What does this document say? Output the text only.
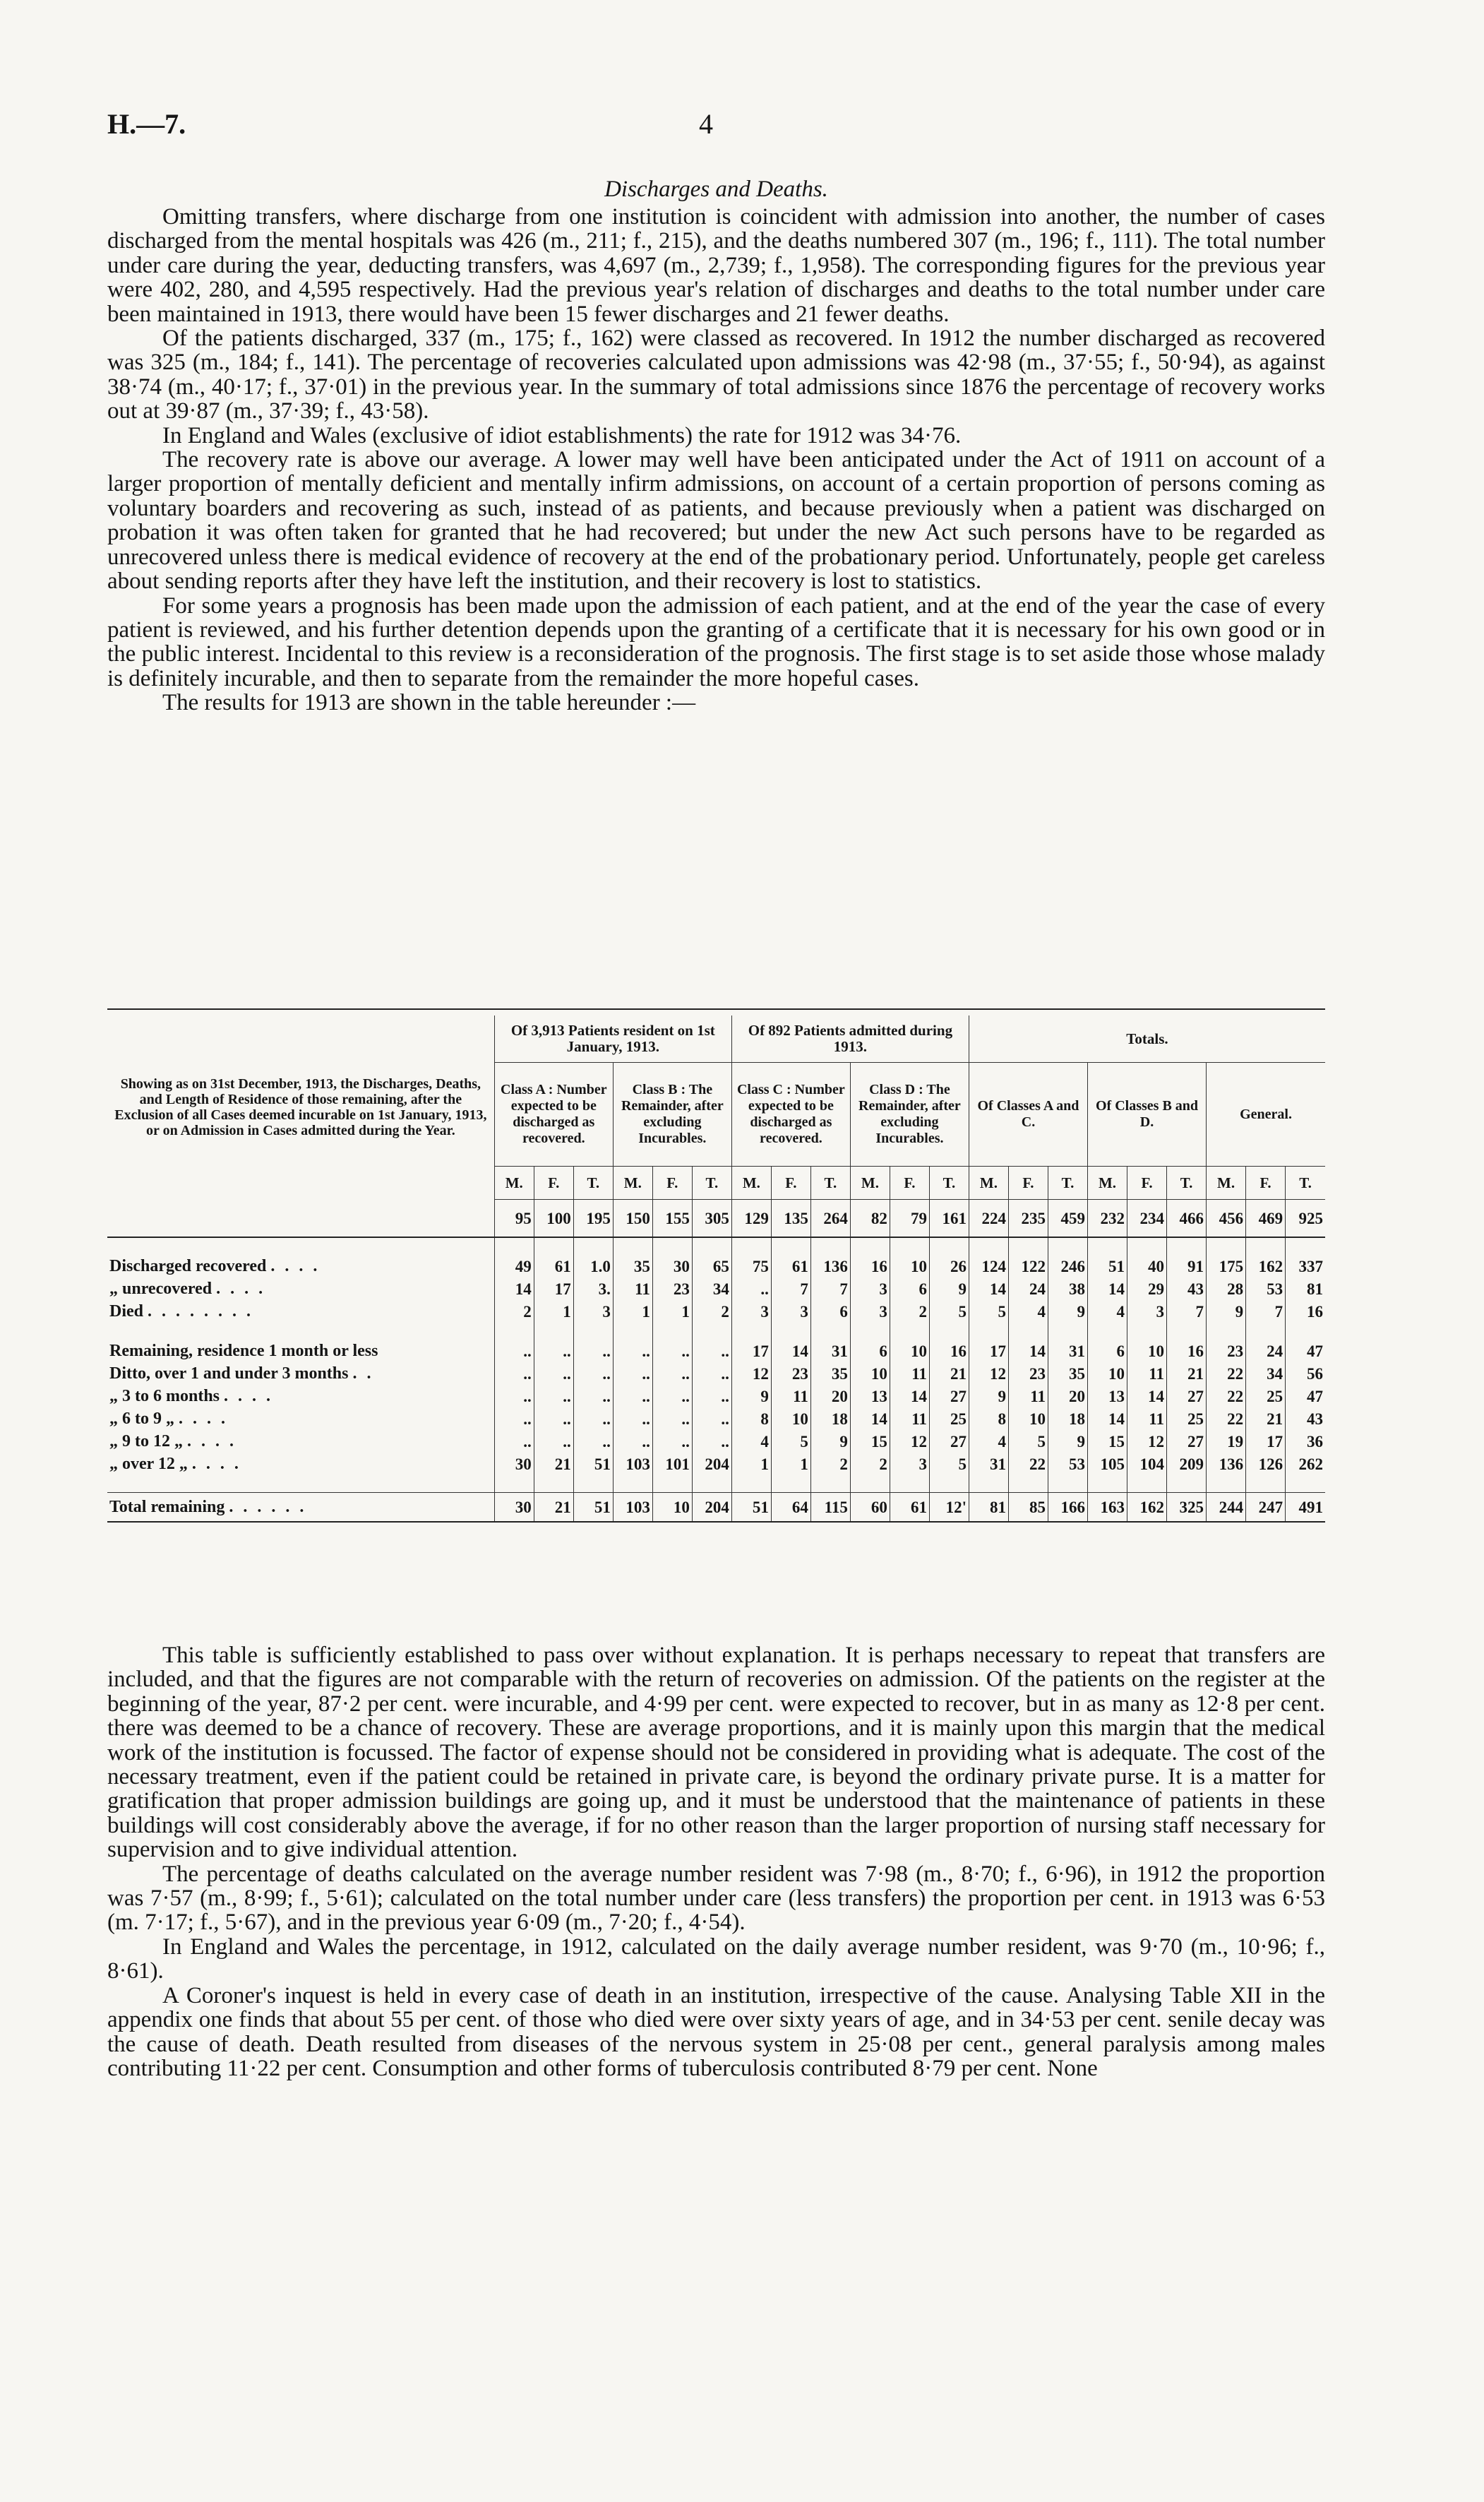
H.—7.	4
Discharges and Deaths.

Omitting transfers, where discharge from one institution is coincident with admission into another, the number of cases discharged from the mental hospitals was 426 (m., 211; f., 215), and the deaths numbered 307 (m., 196; f., 111). The total number under care during the year, deducting transfers, was 4,697 (m., 2,739; f., 1,958). The corresponding figures for the previous year were 402, 280, and 4,595 respectively. Had the previous year's relation of discharges and deaths to the total number under care been maintained in 1913, there would have been 15 fewer discharges and 21 fewer deaths.

Of the patients discharged, 337 (m., 175; f., 162) were classed as recovered. In 1912 the number discharged as recovered was 325 (m., 184; f., 141). The percentage of recoveries calculated upon admissions was 42·98 (m., 37·55; f., 50·94), as against 38·74 (m., 40·17; f., 37·01) in the previous year. In the summary of total admissions since 1876 the percentage of recovery works out at 39·87 (m., 37·39; f., 43·58).

In England and Wales (exclusive of idiot establishments) the rate for 1912 was 34·76.

The recovery rate is above our average. A lower may well have been anticipated under the Act of 1911 on account of a larger proportion of mentally deficient and mentally infirm admissions, on account of a certain proportion of persons coming as voluntary boarders and recovering as such, instead of as patients, and because previously when a patient was discharged on probation it was often taken for granted that he had recovered; but under the new Act such persons have to be regarded as unrecovered unless there is medical evidence of recovery at the end of the probationary period. Unfortunately, people get careless about sending reports after they have left the institution, and their recovery is lost to statistics.

For some years a prognosis has been made upon the admission of each patient, and at the end of the year the case of every patient is reviewed, and his further detention depends upon the granting of a certificate that it is necessary for his own good or in the public interest. Incidental to this review is a reconsideration of the prognosis. The first stage is to set aside those whose malady is definitely incurable, and then to separate from the remainder the more hopeful cases.

The results for 1913 are shown in the table hereunder :—

Showing as on 31st December, 1913, the Discharges, Deaths, and Length of Residence of those remaining, after the Exclusion of all Cases deemed incurable on 1st January, 1913, or on Admission in Cases admitted during the Year.	Of 3,913 Patients resident on 1st January, 1913.						Of 892 Patients admitted during 1913.						Totals.								
	Class A : Number expected to be discharged as recovered.			Class B : The Remainder, after excluding Incurables.			Class C : Number expected to be discharged as recovered.			Class D : The Remainder, after excluding Incurables.			Of Classes A and C.			Of Classes B and D.			General.		
	M.	F.	T.	M.	F.	T.	M.	F.	T.	M.	F.	T.	M.	F.	T.	M.	F.	T.	M.	F.	T.
	95	100	195	150	155	305	129	135	264	82	79	161	224	235	459	232	234	466	456	469	925

Discharged recovered . . . .	49	61	1.0	35	30	65	75	61	136	16	10	26	124	122	246	51	40	91	175	162	337
„ unrecovered . . . .	14	17	3.	11	23	34	..	7	7	3	6	9	14	24	38	14	29	43	28	53	81
Died . . . . . . . .	2	1	3	1	1	2	3	3	6	3	2	5	5	4	9	4	3	7	9	7	16

Remaining, residence 1 month or less	..	..	..	..	..	..	17	14	31	6	10	16	17	14	31	6	10	16	23	24	47
Ditto, over 1 and under 3 months . .	..	..	..	..	..	..	12	23	35	10	11	21	12	23	35	10	11	21	22	34	56
„ 3 to 6 months . . . .	..	..	..	..	..	..	9	11	20	13	14	27	9	11	20	13	14	27	22	25	47
„ 6 to 9 „ . . . .	..	..	..	..	..	..	8	10	18	14	11	25	8	10	18	14	11	25	22	21	43
„ 9 to 12 „ . . . .	..	..	..	..	..	..	4	5	9	15	12	27	4	5	9	15	12	27	19	17	36
„ over 12 „ . . . .	30	21	51	103	101	204	1	1	2	2	3	5	31	22	53	105	104	209	136	126	262

Total remaining . . . . . .	30	21	51	103	10	204	51	64	115	60	61	12'	81	85	166	163	162	325	244	247	491

This table is sufficiently established to pass over without explanation. It is perhaps necessary to repeat that transfers are included, and that the figures are not comparable with the return of recoveries on admission. Of the patients on the register at the beginning of the year, 87·2 per cent. were incurable, and 4·99 per cent. were expected to recover, but in as many as 12·8 per cent. there was deemed to be a chance of recovery. These are average proportions, and it is mainly upon this margin that the medical work of the institution is focussed. The factor of expense should not be considered in providing what is adequate. The cost of the necessary treatment, even if the patient could be retained in private care, is beyond the ordinary private purse. It is a matter for gratification that proper admission buildings are going up, and it must be understood that the maintenance of patients in these buildings will cost considerably above the average, if for no other reason than the larger proportion of nursing staff necessary for supervision and to give individual attention.

The percentage of deaths calculated on the average number resident was 7·98 (m., 8·70; f., 6·96), in 1912 the proportion was 7·57 (m., 8·99; f., 5·61); calculated on the total number under care (less transfers) the proportion per cent. in 1913 was 6·53 (m. 7·17; f., 5·67), and in the previous year 6·09 (m., 7·20; f., 4·54).

In England and Wales the percentage, in 1912, calculated on the daily average number resident, was 9·70 (m., 10·96; f., 8·61).

A Coroner's inquest is held in every case of death in an institution, irrespective of the cause. Analysing Table XII in the appendix one finds that about 55 per cent. of those who died were over sixty years of age, and in 34·53 per cent. senile decay was the cause of death. Death resulted from diseases of the nervous system in 25·08 per cent., general paralysis among males contributing 11·22 per cent. Consumption and other forms of tuberculosis contributed 8·79 per cent. None
